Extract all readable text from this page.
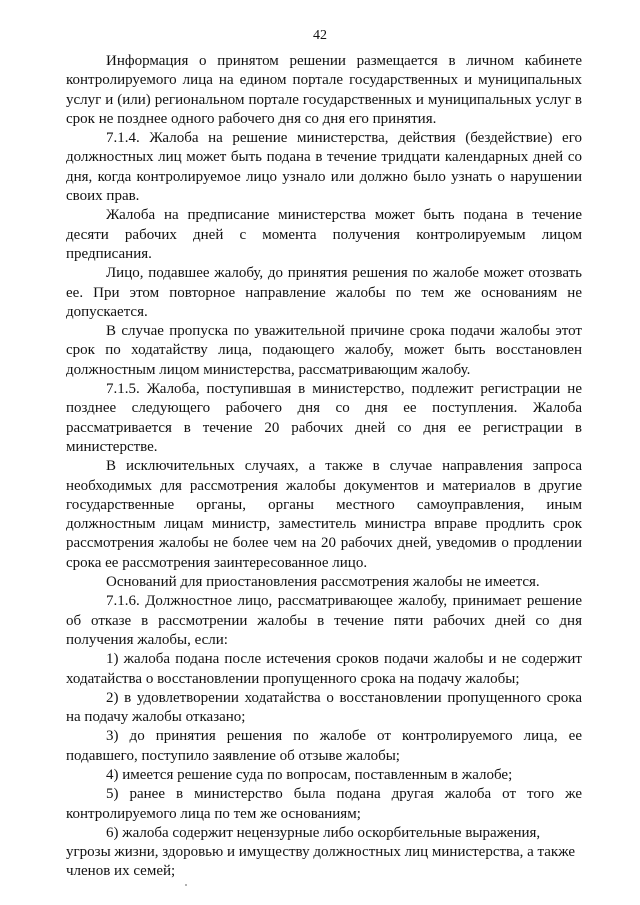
42

Информация о принятом решении размещается в личном кабинете контролируемого лица на едином портале государственных и муниципальных услуг и (или) региональном портале государственных и муниципальных услуг в срок не позднее одного рабочего дня со дня его принятия.

7.1.4. Жалоба на решение министерства, действия (бездействие) его должностных лиц может быть подана в течение тридцати календарных дней со дня, когда контролируемое лицо узнало или должно было узнать о нарушении своих прав.

Жалоба на предписание министерства может быть подана в течение десяти рабочих дней с момента получения контролируемым лицом предписания.

Лицо, подавшее жалобу, до принятия решения по жалобе может отозвать ее. При этом повторное направление жалобы по тем же основаниям не допускается.

В случае пропуска по уважительной причине срока подачи жалобы этот срок по ходатайству лица, подающего жалобу, может быть восстановлен должностным лицом министерства, рассматривающим жалобу.

7.1.5. Жалоба, поступившая в министерство, подлежит регистрации не позднее следующего рабочего дня со дня ее поступления. Жалоба рассматривается в течение 20 рабочих дней со дня ее регистрации в министерстве.

В исключительных случаях, а также в случае направления запроса необходимых для рассмотрения жалобы документов и материалов в другие государственные органы, органы местного самоуправления, иным должностным лицам министр, заместитель министра вправе продлить срок рассмотрения жалобы не более чем на 20 рабочих дней, уведомив о продлении срока ее рассмотрения заинтересованное лицо.

Оснований для приостановления рассмотрения жалобы не имеется.

7.1.6. Должностное лицо, рассматривающее жалобу, принимает решение об отказе в рассмотрении жалобы в течение пяти рабочих дней со дня получения жалобы, если:

1) жалоба подана после истечения сроков подачи жалобы и не содержит ходатайства о восстановлении пропущенного срока на подачу жалобы;

2) в удовлетворении ходатайства о восстановлении пропущенного срока на подачу жалобы отказано;

3) до принятия решения по жалобе от контролируемого лица, ее подавшего, поступило заявление об отзыве жалобы;

4) имеется решение суда по вопросам, поставленным в жалобе;

5) ранее в министерство была подана другая жалоба от того же контролируемого лица по тем же основаниям;

6) жалоба содержит нецензурные либо оскорбительные выражения, угрозы жизни, здоровью и имуществу должностных лиц министерства, а также членов их семей;
